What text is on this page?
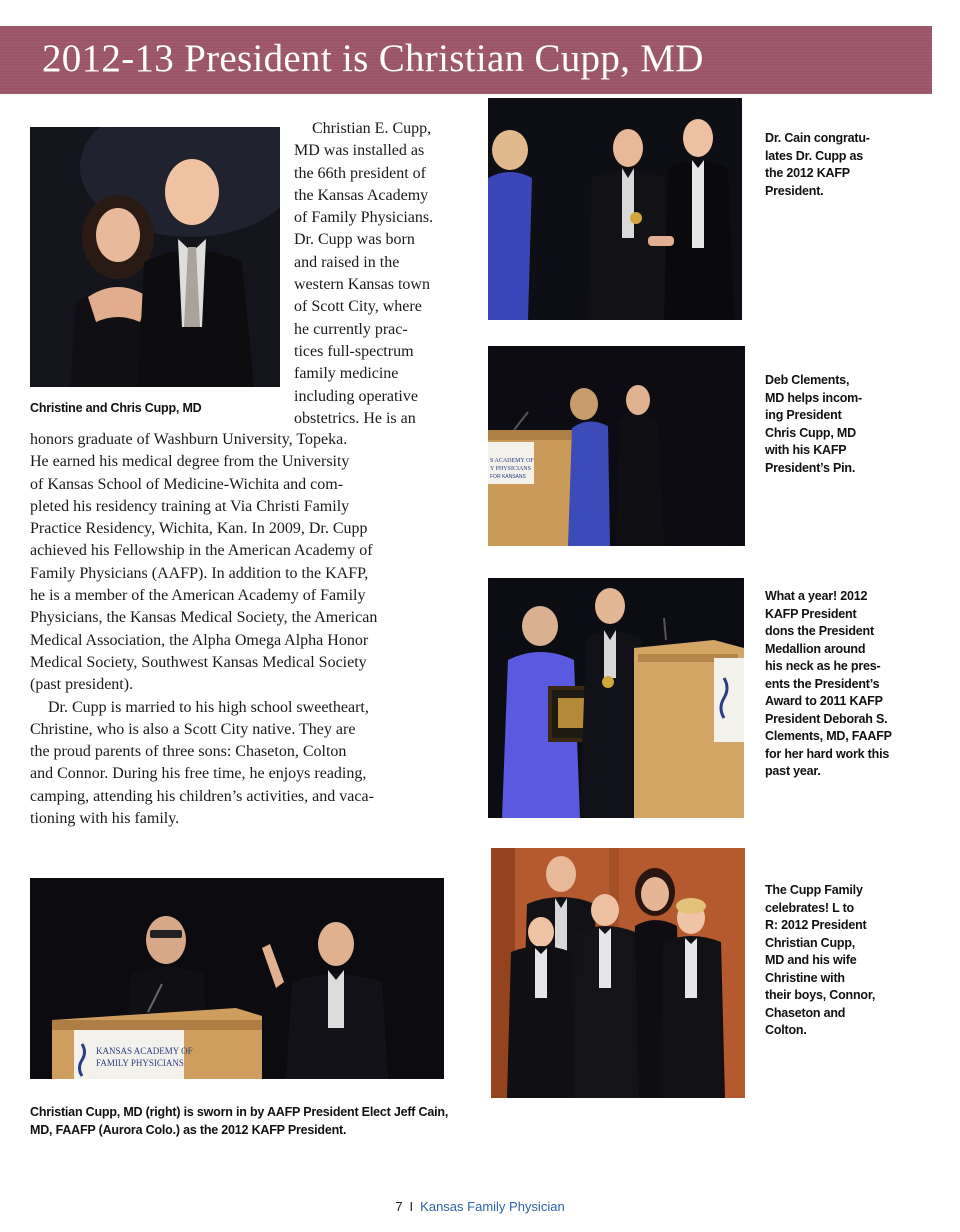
2012-13 President is Christian Cupp, MD

Christine and Chris Cupp, MD

Christian E. Cupp,
MD was installed as
the 66th president of
the Kansas Academy
of Family Physicians.
Dr. Cupp was born
and raised in the
western Kansas town
of Scott City, where
he currently prac-
tices full-spectrum
family medicine
including operative
obstetrics. He is an
honors graduate of Washburn University, Topeka.
He earned his medical degree from the University
of Kansas School of Medicine-Wichita and com-
pleted his residency training at Via Christi Family
Practice Residency, Wichita, Kan. In 2009, Dr. Cupp
achieved his Fellowship in the American Academy of
Family Physicians (AAFP). In addition to the KAFP,
he is a member of the American Academy of Family
Physicians, the Kansas Medical Society, the American
Medical Association, the Alpha Omega Alpha Honor
Medical Society, Southwest Kansas Medical Society
(past president).
Dr. Cupp is married to his high school sweetheart,
Christine, who is also a Scott City native. They are
the proud parents of three sons: Chaseton, Colton
and Connor. During his free time, he enjoys reading,
camping, attending his children’s activities, and vaca-
tioning with his family.

Dr. Cain congratu-
lates Dr. Cupp as
the 2012 KAFP
President.

S ACADEMY OF
Y PHYSICIANS
FOR KANSANS

Deb Clements,
MD helps incom-
ing President
Chris Cupp, MD
with his KAFP
President’s Pin.

What a year! 2012
KAFP President
dons the President
Medallion around
his neck as he pres-
ents the President’s
Award to 2011 KAFP
President Deborah S.
Clements, MD, FAAFP
for her hard work this
past year.

KANSAS ACADEMY OF
FAMILY PHYSICIANS

Christian Cupp, MD (right) is sworn in by AAFP President Elect Jeff Cain,
MD, FAAFP (Aurora Colo.) as the 2012 KAFP President.

The Cupp Family
celebrates! L to
R: 2012 President
Christian Cupp,
MD and his wife
Christine with
their boys, Connor,
Chaseton and
Colton.

7 I Kansas Family Physician
